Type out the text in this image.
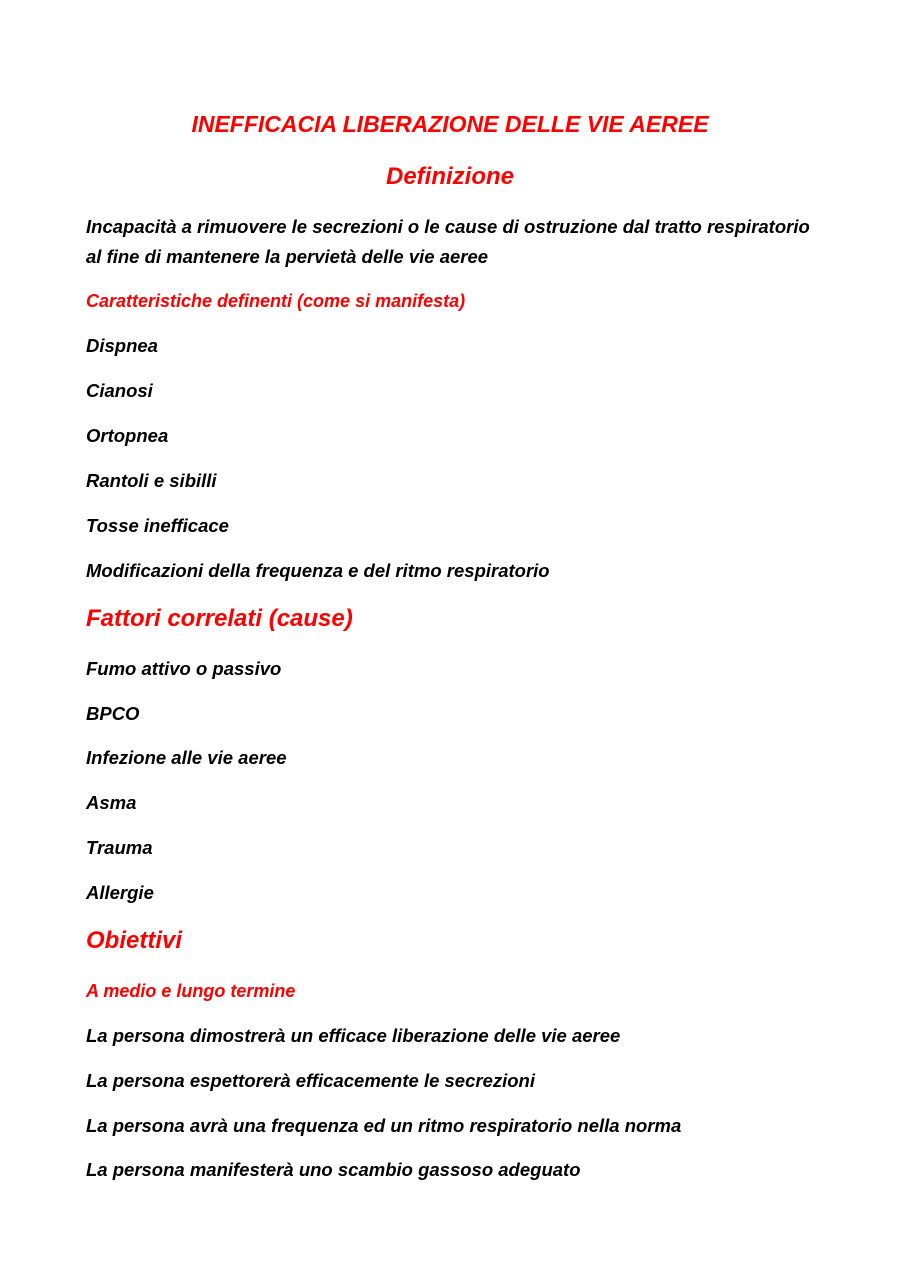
INEFFICACIA LIBERAZIONE DELLE VIE AEREE

Definizione

Incapacità a rimuovere le secrezioni o le cause di ostruzione dal tratto respiratorio al fine di mantenere la pervietà delle vie aeree

Caratteristiche definenti (come si manifesta)

Dispnea

Cianosi

Ortopnea

Rantoli e sibilli

Tosse inefficace

Modificazioni della frequenza e del ritmo respiratorio

Fattori correlati (cause)

Fumo attivo o passivo

BPCO

Infezione alle vie aeree

Asma

Trauma

Allergie

Obiettivi

A medio e lungo termine

La persona dimostrerà un efficace liberazione delle vie aeree

La persona espettorerà efficacemente le secrezioni

La persona avrà una frequenza ed un ritmo respiratorio nella norma

La persona manifesterà uno scambio gassoso adeguato
